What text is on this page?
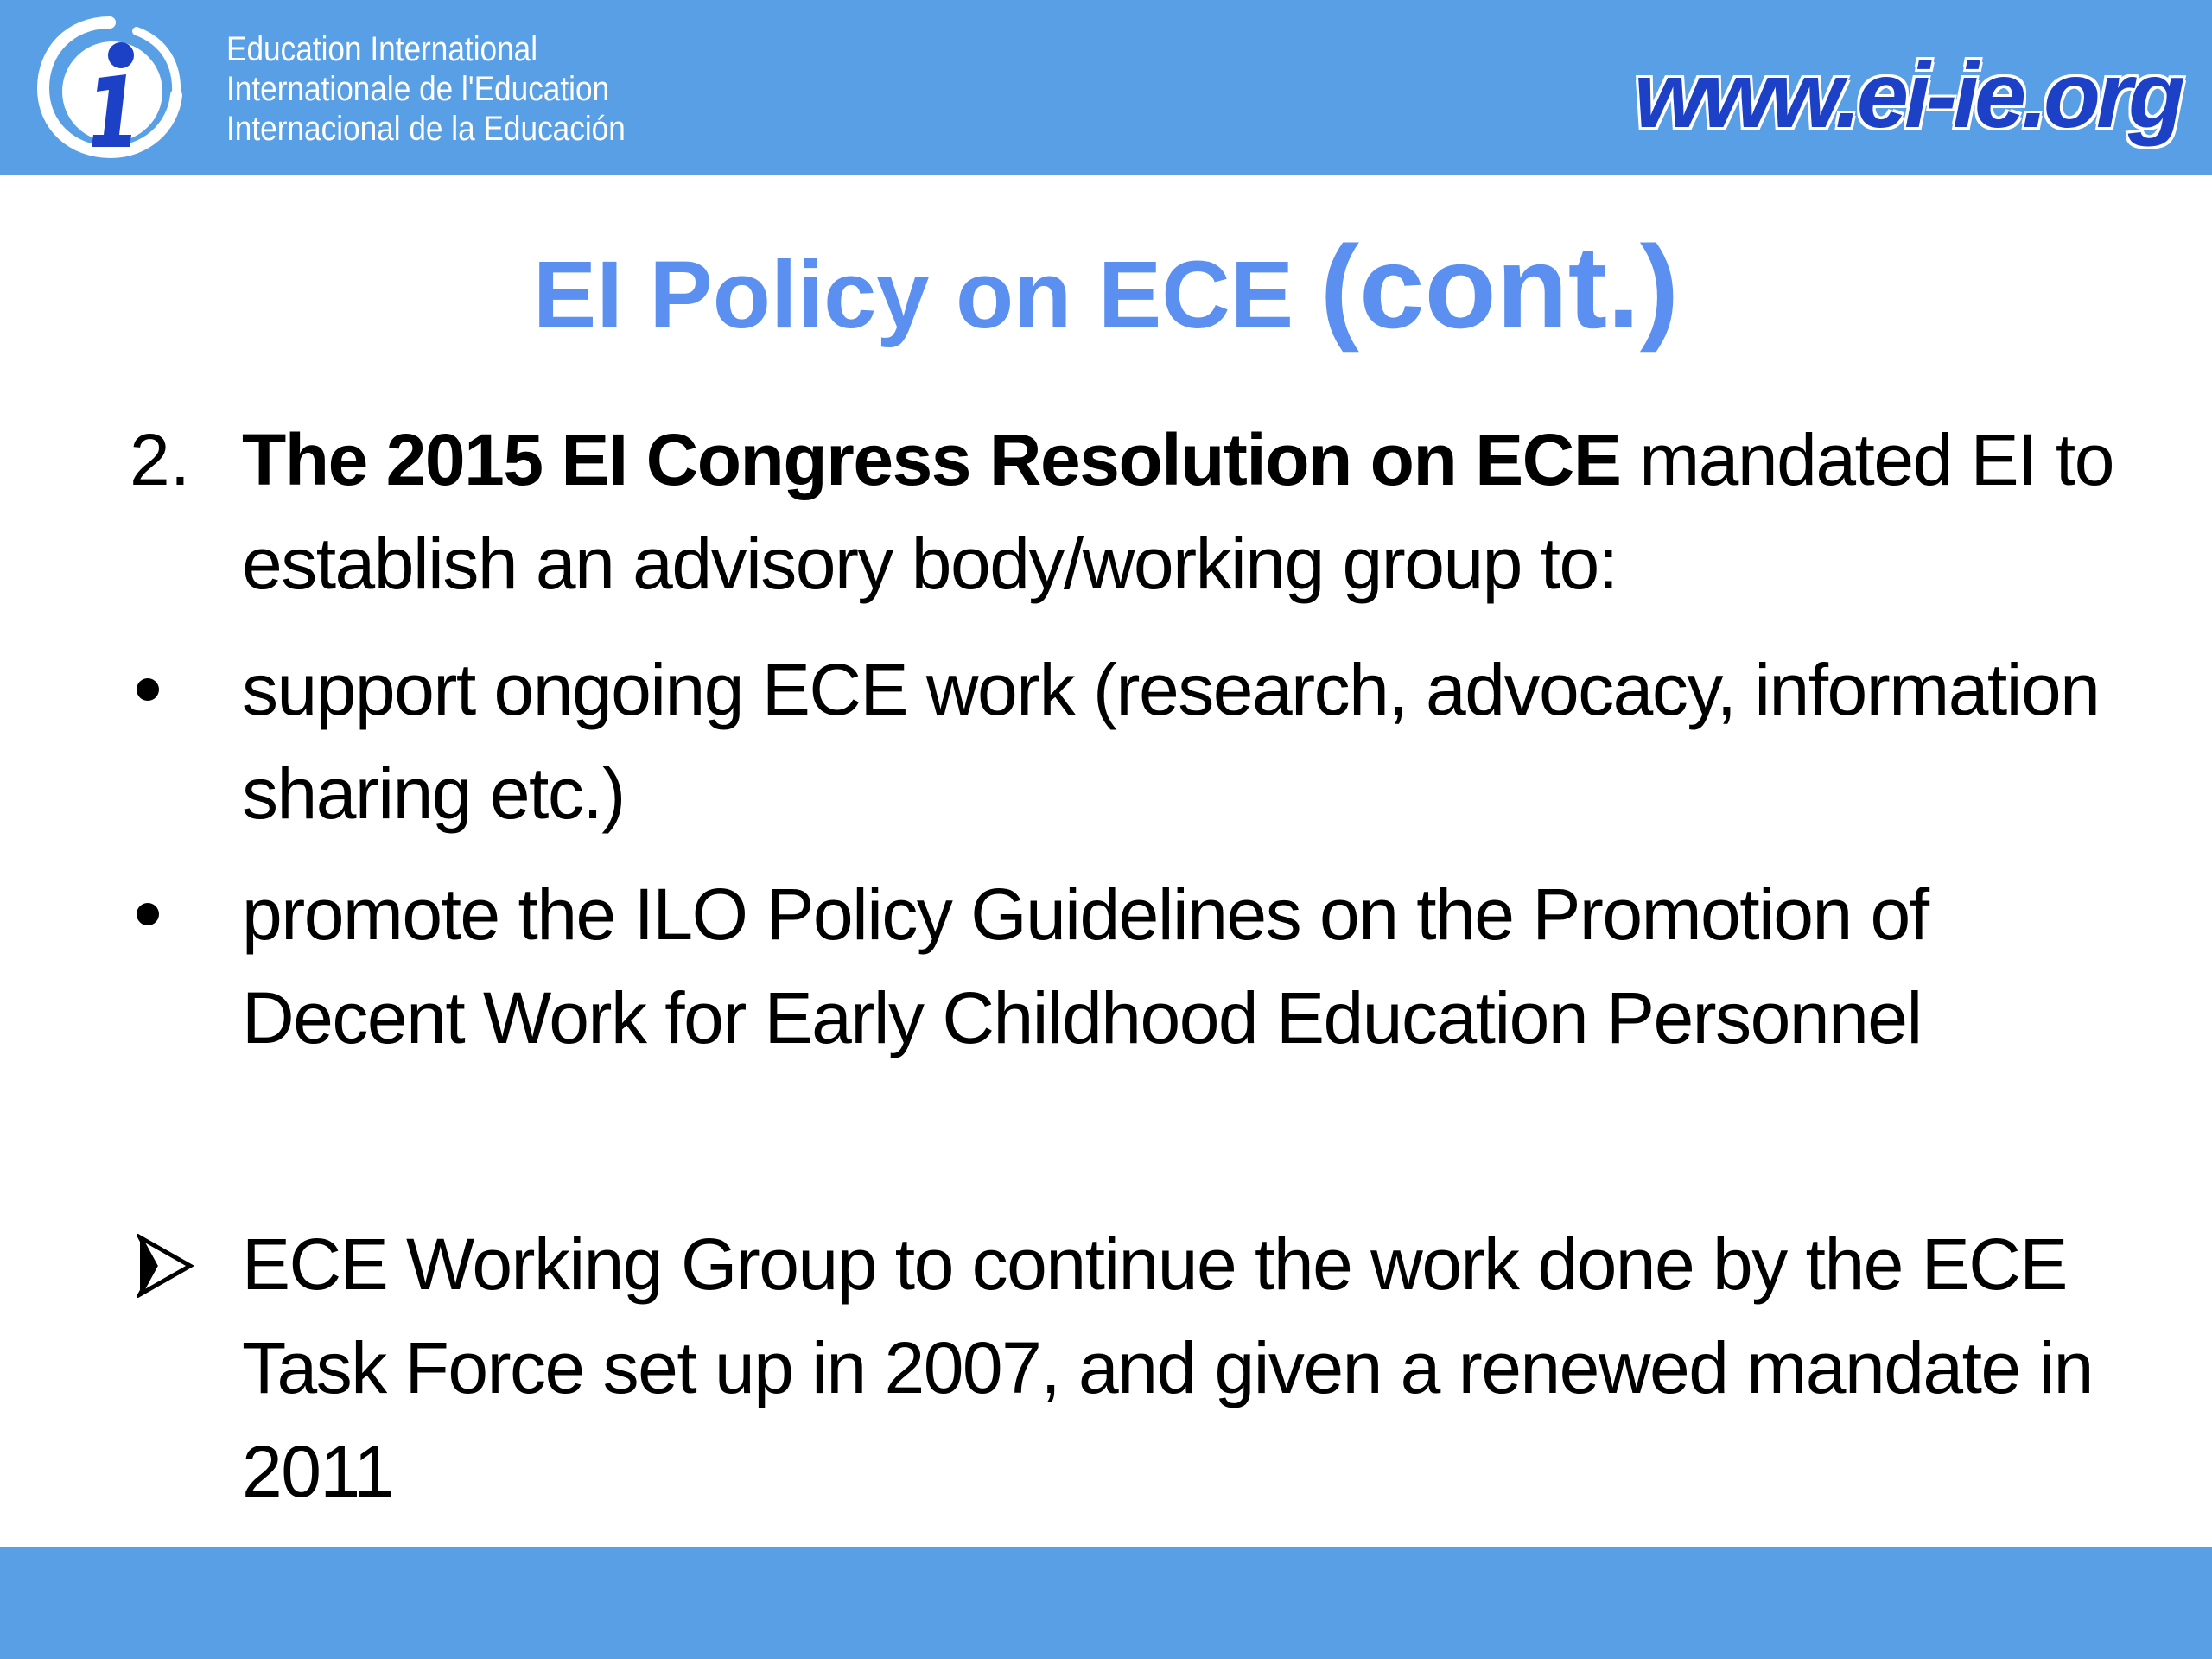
Education International
Internationale de l'Education
Internacional de la Educación	www.ei-ie.org
EI Policy on ECE (cont.)
2. The 2015 EI Congress Resolution on ECE mandated EI to
establish an advisory body/working group to:
support ongoing ECE work (research, advocacy, information
sharing etc.)
promote the ILO Policy Guidelines on the Promotion of
Decent Work for Early Childhood Education Personnel
ECE Working Group to continue the work done by the ECE
Task Force set up in 2007, and given a renewed mandate in
2011
